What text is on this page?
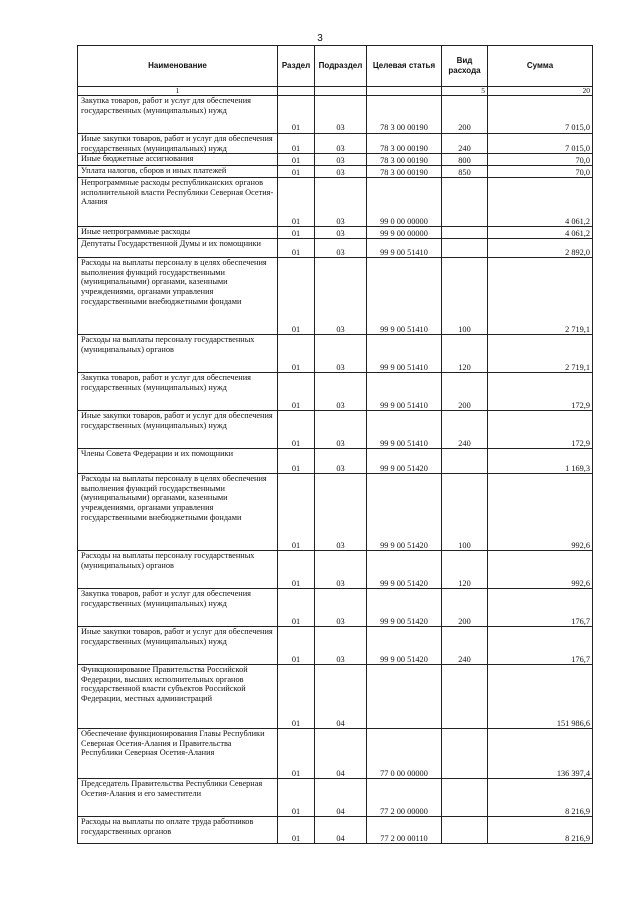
3
Наименование	Раздел	Подраздел	Целевая статья	Вид расхода	Сумма
1				5	20
Закупка товаров, работ и услуг для обеспечения государственных (муниципальных) нужд	01	03	78 3 00 00190	200	7 015,0
Иные закупки товаров, работ и услуг для обеспечения государственных (муниципальных) нужд	01	03	78 3 00 00190	240	7 015,0
Иные бюджетные ассигнования	01	03	78 3 00 00190	800	70,0
Уплата налогов, сборов и иных платежей	01	03	78 3 00 00190	850	70,0
Непрограммные расходы республиканских органов исполнительной власти Республики Северная Осетия-Алания	01	03	99 0 00 00000		4 061,2
Иные непрограммные расходы	01	03	99 9 00 00000		4 061,2
Депутаты Государственной Думы и их помощники	01	03	99 9 00 51410		2 892,0
Расходы на выплаты персоналу в целях обеспечения выполнения функций государственными (муниципальными) органами, казенными учреждениями, органами управления государственными внебюджетными фондами	01	03	99 9 00 51410	100	2 719,1
Расходы на выплаты персоналу государственных (муниципальных) органов	01	03	99 9 00 51410	120	2 719,1
Закупка товаров, работ и услуг для обеспечения государственных (муниципальных) нужд	01	03	99 9 00 51410	200	172,9
Иные закупки товаров, работ и услуг для обеспечения государственных (муниципальных) нужд	01	03	99 9 00 51410	240	172,9
Члены Совета Федерации и их помощники	01	03	99 9 00 51420		1 169,3
Расходы на выплаты персоналу в целях обеспечения выполнения функций государственными (муниципальными) органами, казенными учреждениями, органами управления государственными внебюджетными фондами	01	03	99 9 00 51420	100	992,6
Расходы на выплаты персоналу государственных (муниципальных) органов	01	03	99 9 00 51420	120	992,6
Закупка товаров, работ и услуг для обеспечения государственных (муниципальных) нужд	01	03	99 9 00 51420	200	176,7
Иные закупки товаров, работ и услуг для обеспечения государственных (муниципальных) нужд	01	03	99 9 00 51420	240	176,7
Функционирование Правительства Российской Федерации, высших исполнительных органов государственной власти субъектов Российской Федерации, местных администраций	01	04			151 986,6
Обеспечение функционирования Главы Республики Северная Осетия-Алания и Правительства Республики Северная Осетия-Алания	01	04	77 0 00 00000		136 397,4
Председатель Правительства Республики Северная Осетия-Алания и его заместители	01	04	77 2 00 00000		8 216,9
Расходы на выплаты по оплате труда работников государственных органов	01	04	77 2 00 00110		8 216,9
